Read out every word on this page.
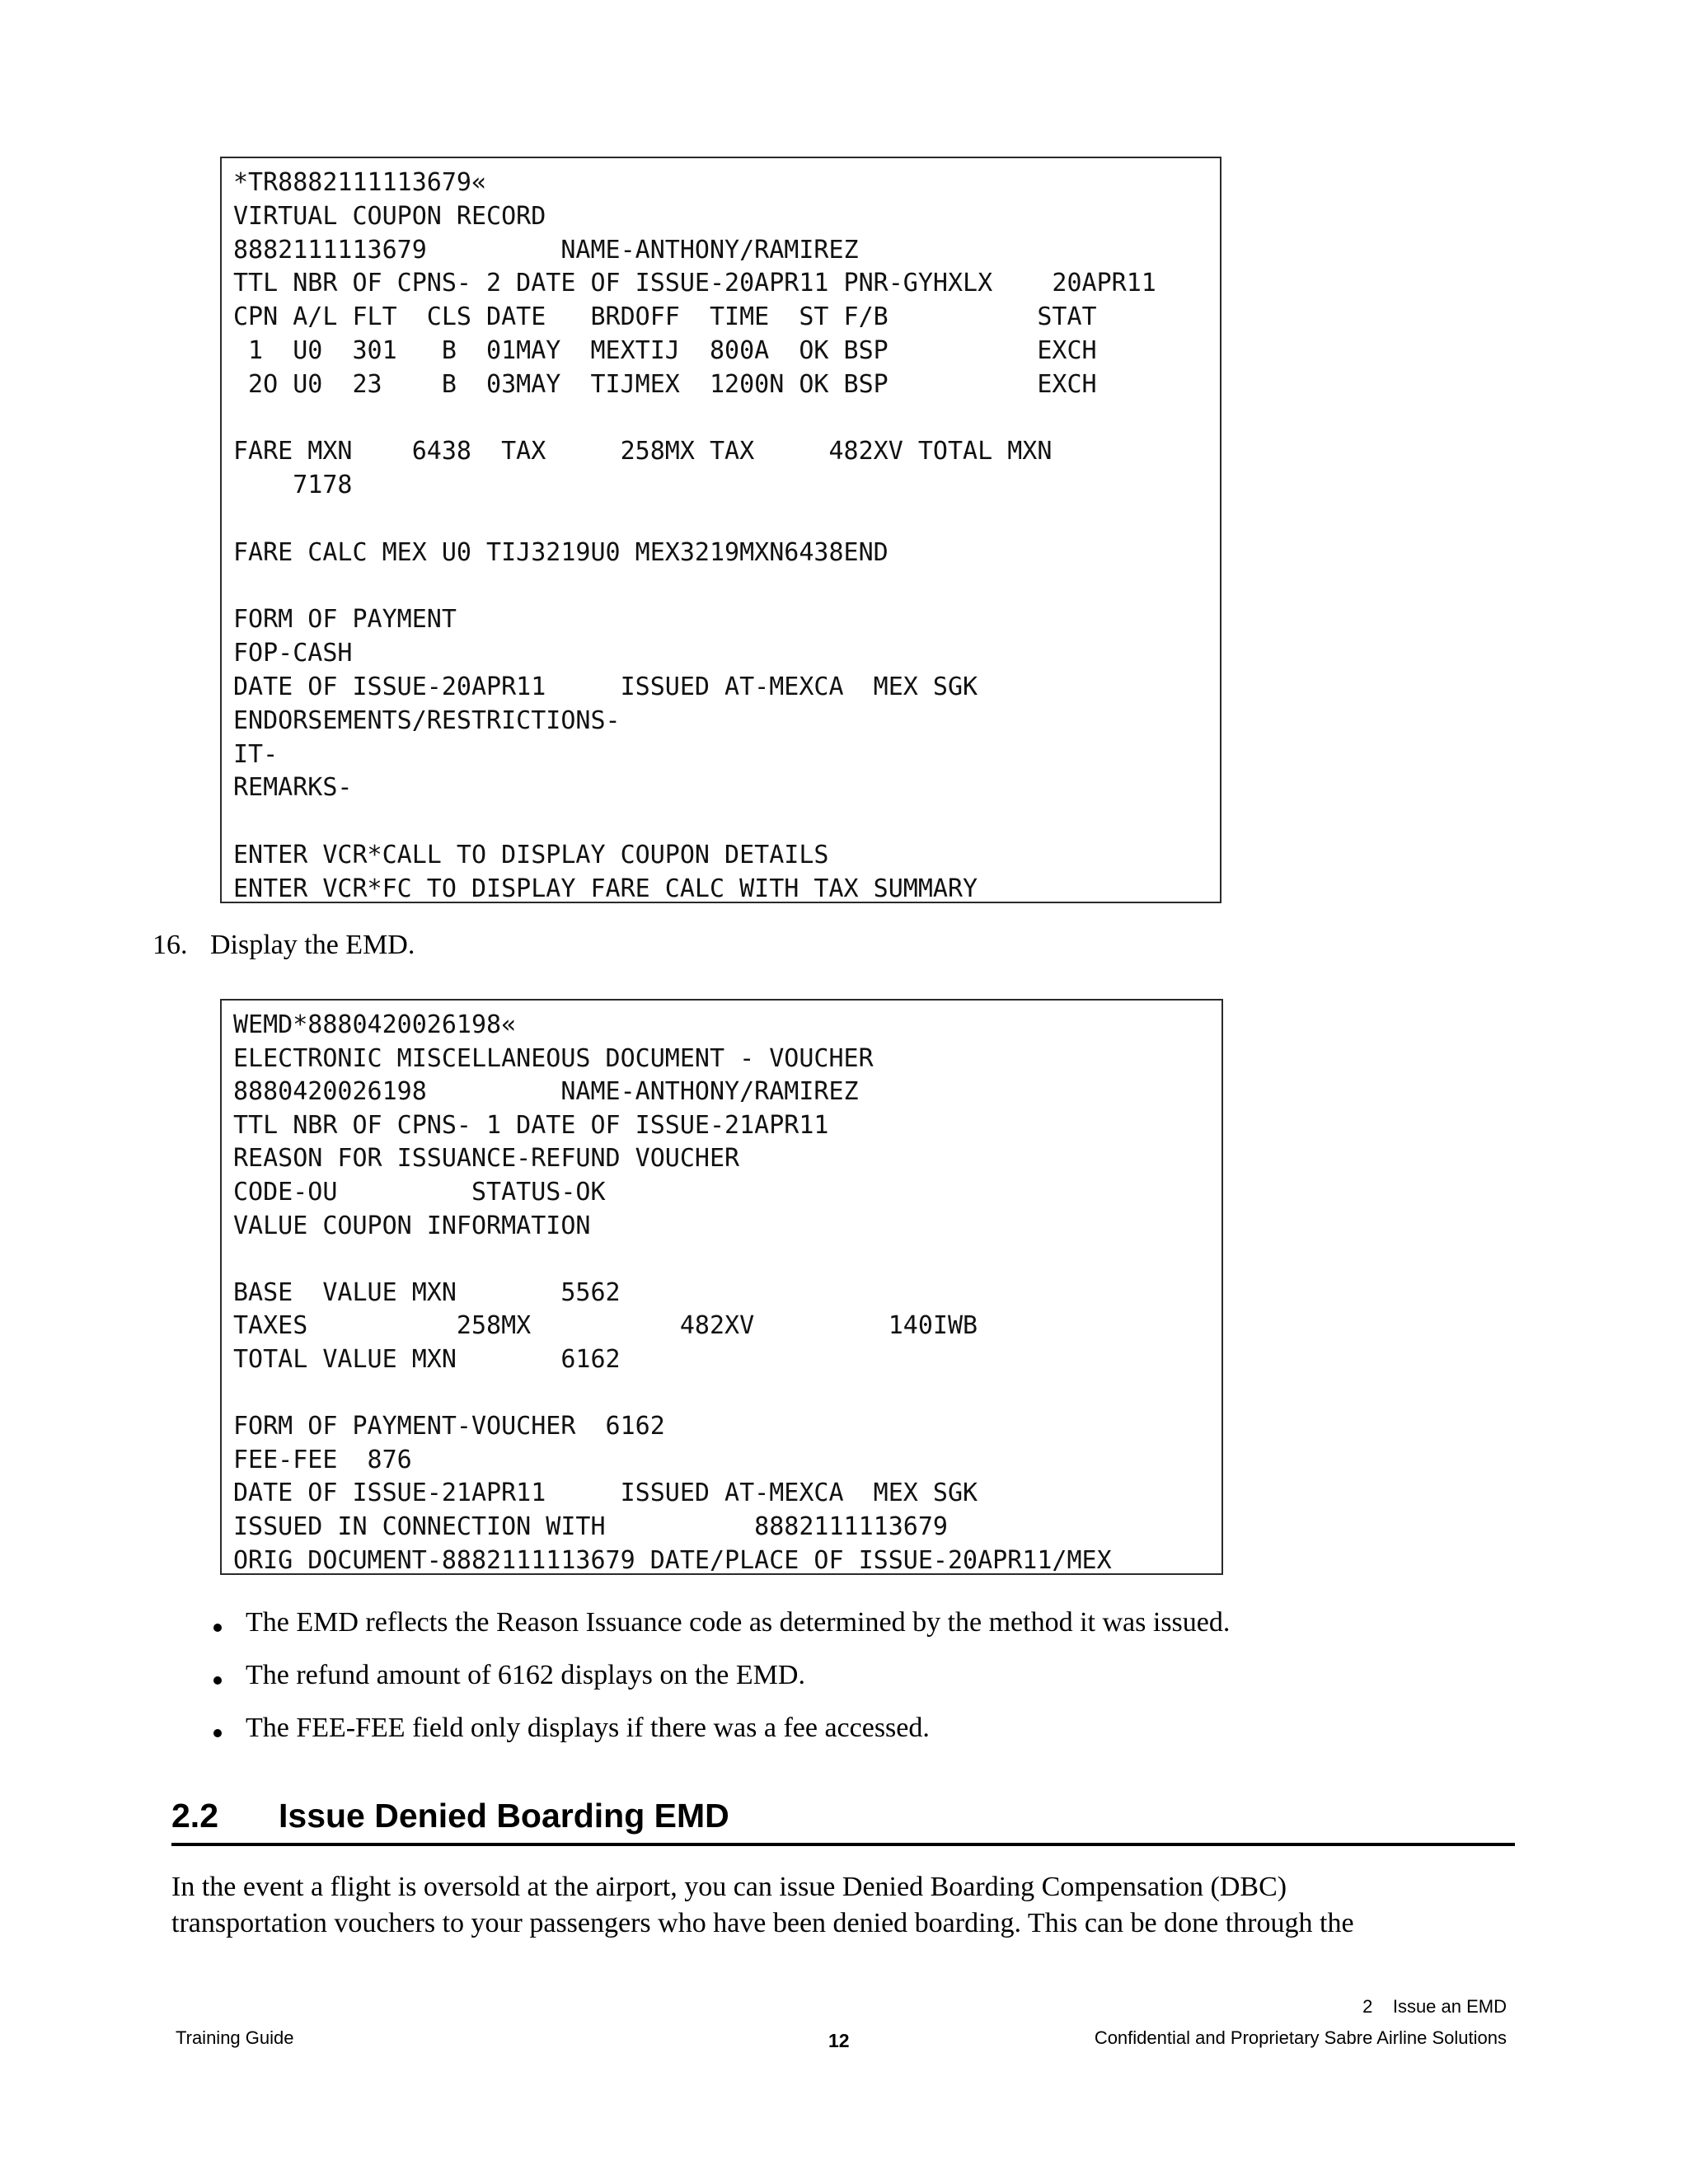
*TR8882111113679«
VIRTUAL COUPON RECORD
8882111113679         NAME-ANTHONY/RAMIREZ
TTL NBR OF CPNS- 2 DATE OF ISSUE-20APR11 PNR-GYHXLX    20APR11
CPN A/L FLT  CLS DATE   BRDOFF  TIME  ST F/B          STAT
1  U0  301   B  01MAY  MEXTIJ  800A  OK BSP          EXCH
2O U0  23    B  03MAY  TIJMEX  1200N OK BSP          EXCH
FARE MXN    6438  TAX     258MX TAX     482XV TOTAL MXN
7178
FARE CALC MEX U0 TIJ3219U0 MEX3219MXN6438END
FORM OF PAYMENT
FOP-CASH
DATE OF ISSUE-20APR11     ISSUED AT-MEXCA  MEX SGK
ENDORSEMENTS/RESTRICTIONS-
IT-
REMARKS-
ENTER VCR*CALL TO DISPLAY COUPON DETAILS
ENTER VCR*FC TO DISPLAY FARE CALC WITH TAX SUMMARY
16. Display the EMD.
WEMD*8880420026198«
ELECTRONIC MISCELLANEOUS DOCUMENT - VOUCHER
8880420026198         NAME-ANTHONY/RAMIREZ
TTL NBR OF CPNS- 1 DATE OF ISSUE-21APR11
REASON FOR ISSUANCE-REFUND VOUCHER
CODE-OU         STATUS-OK
VALUE COUPON INFORMATION
BASE  VALUE MXN       5562
TAXES          258MX          482XV         140IWB
TOTAL VALUE MXN       6162
FORM OF PAYMENT-VOUCHER  6162
FEE-FEE  876
DATE OF ISSUE-21APR11     ISSUED AT-MEXCA  MEX SGK
ISSUED IN CONNECTION WITH          8882111113679
ORIG DOCUMENT-8882111113679 DATE/PLACE OF ISSUE-20APR11/MEX
The EMD reflects the Reason Issuance code as determined by the method it was issued.
The refund amount of 6162 displays on the EMD.
The FEE-FEE field only displays if there was a fee accessed.
2.2 Issue Denied Boarding EMD
In the event a flight is oversold at the airport, you can issue Denied Boarding Compensation (DBC)
transportation vouchers to your passengers who have been denied boarding. This can be done through the
2    Issue an EMD
Training Guide	12	Confidential and Proprietary Sabre Airline Solutions
